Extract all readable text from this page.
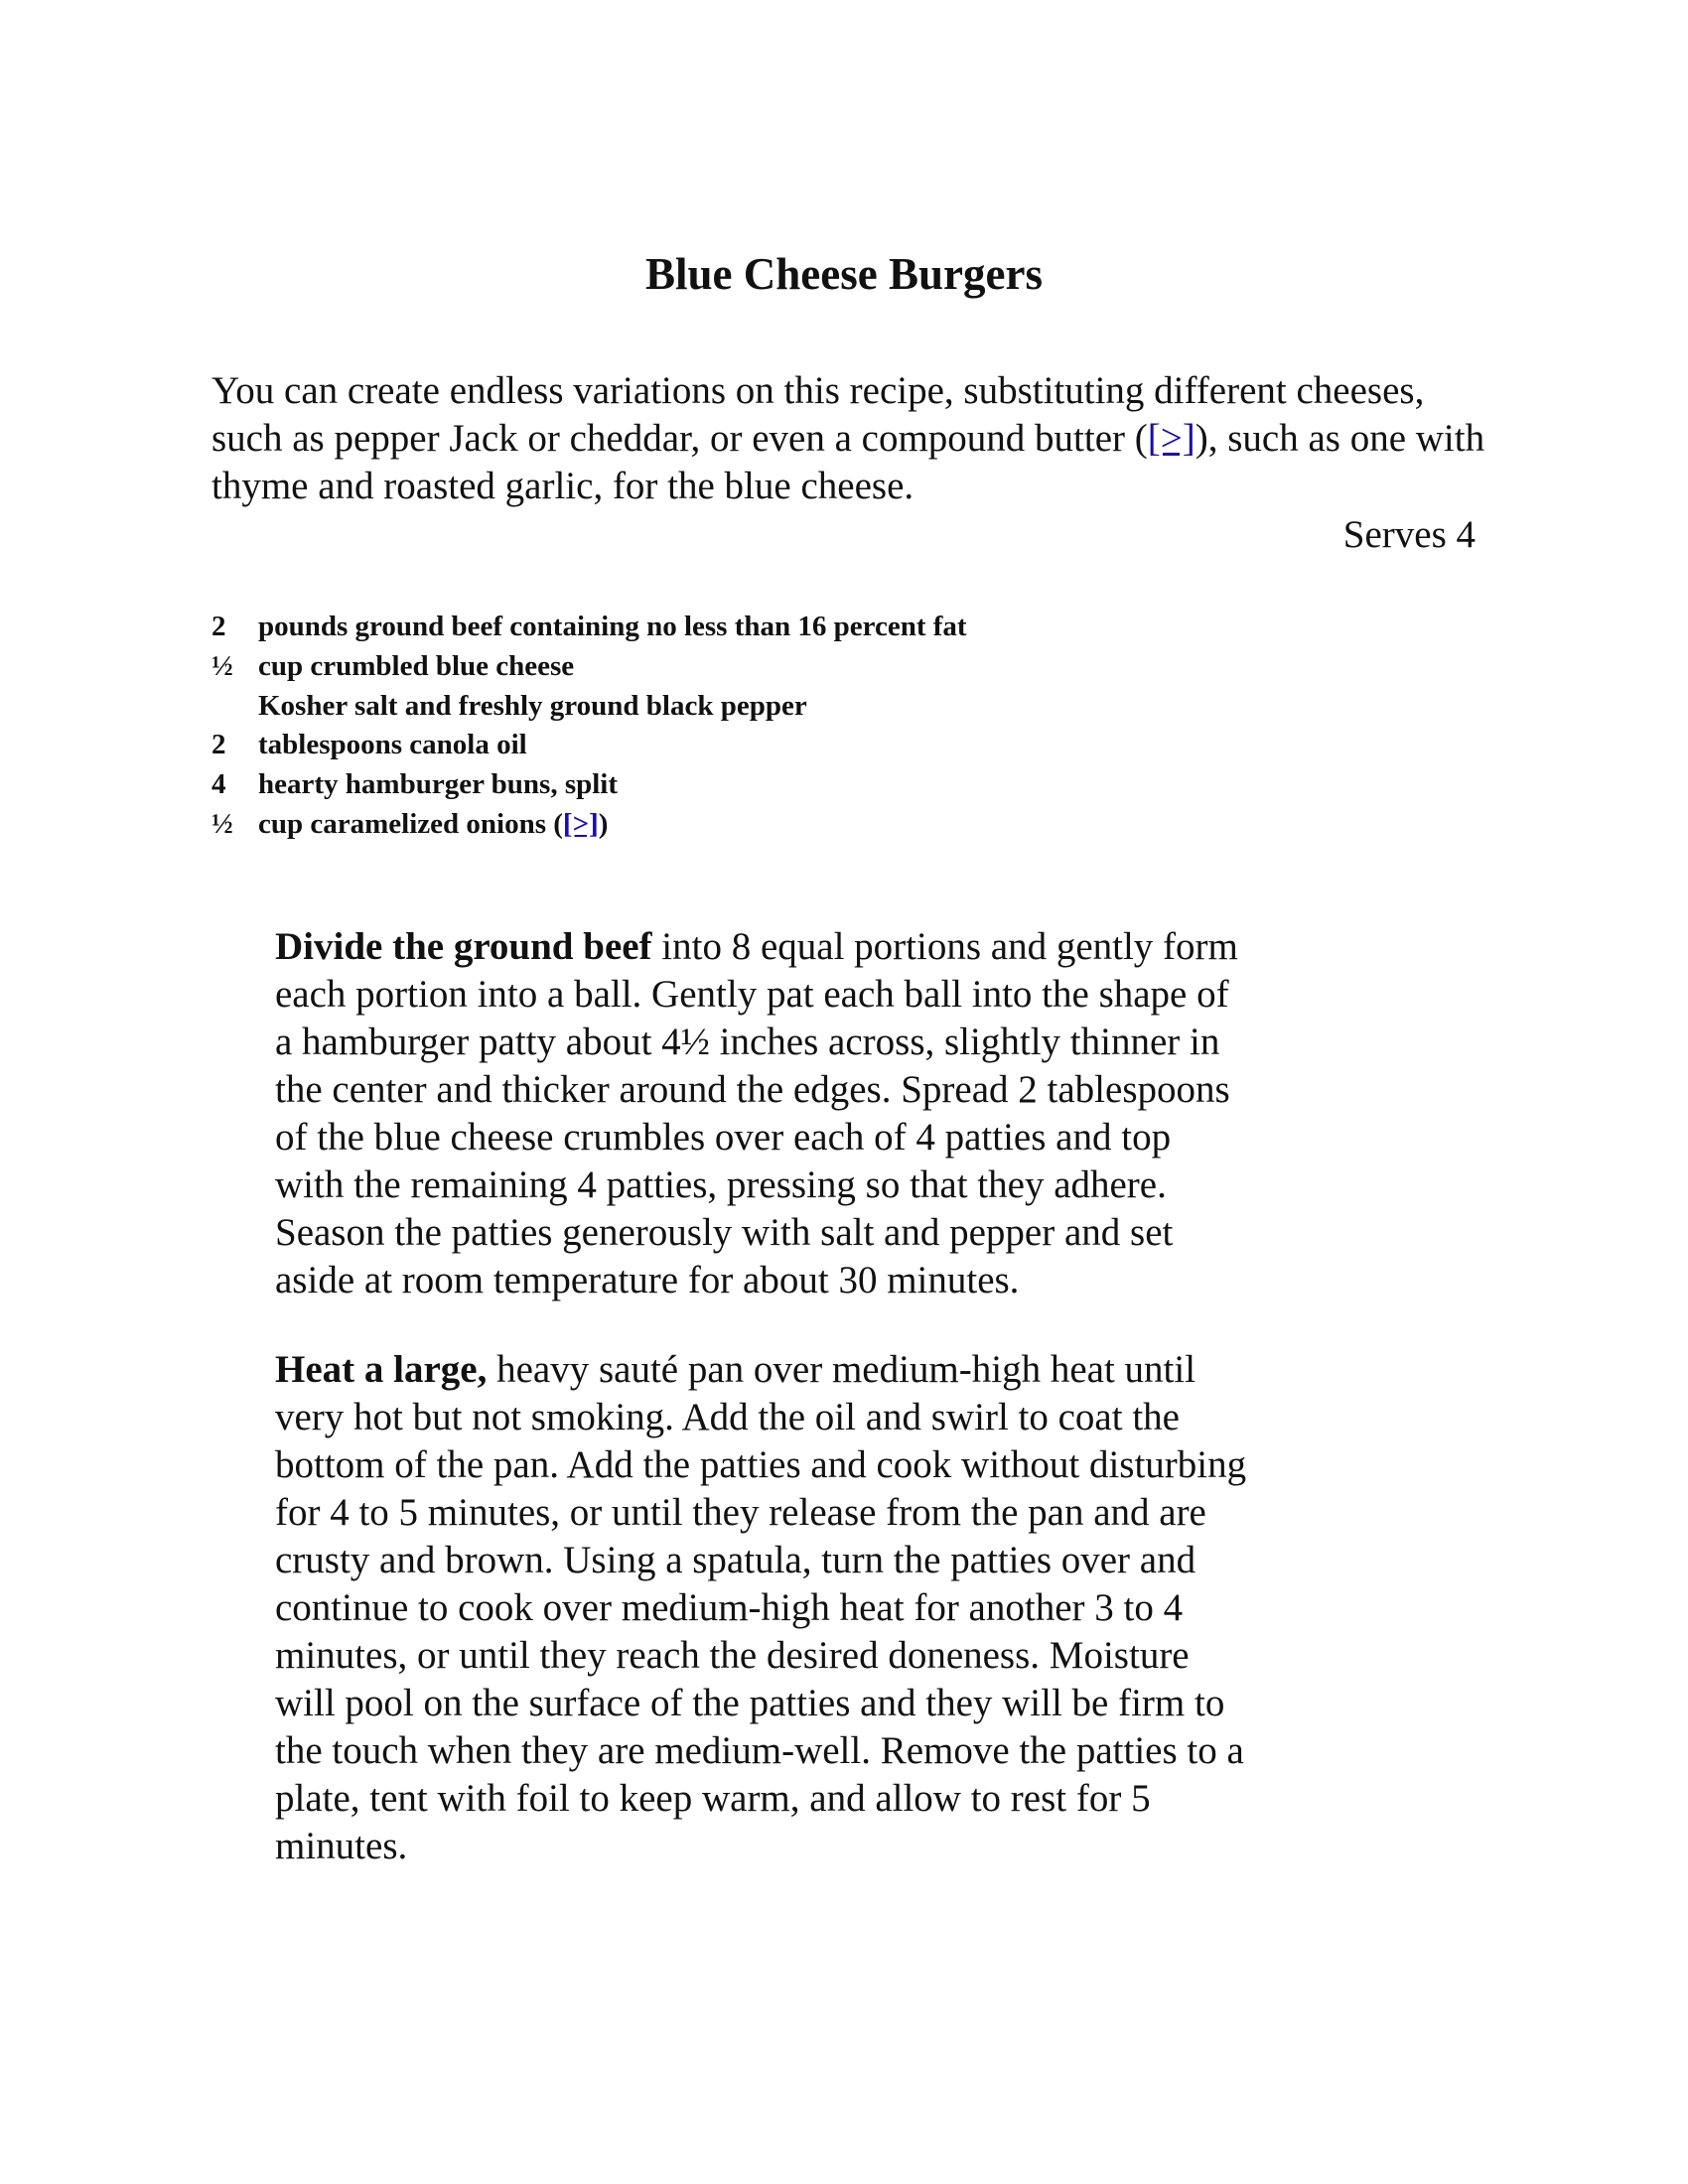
Blue Cheese Burgers

You can create endless variations on this recipe, substituting different cheeses, such as pepper Jack or cheddar, or even a compound butter ([>]), such as one with thyme and roasted garlic, for the blue cheese.

Serves 4

2	pounds ground beef containing no less than 16 percent fat
½ cup crumbled blue cheese
Kosher salt and freshly ground black pepper
2	tablespoons canola oil
4	hearty hamburger buns, split
½ cup caramelized onions ([>])

Divide the ground beef into 8 equal portions and gently form each portion into a ball. Gently pat each ball into the shape of a hamburger patty about 4½ inches across, slightly thinner in the center and thicker around the edges. Spread 2 tablespoons of the blue cheese crumbles over each of 4 patties and top with the remaining 4 patties, pressing so that they adhere. Season the patties generously with salt and pepper and set aside at room temperature for about 30 minutes.

Heat a large, heavy sauté pan over medium-high heat until very hot but not smoking. Add the oil and swirl to coat the bottom of the pan. Add the patties and cook without disturbing for 4 to 5 minutes, or until they release from the pan and are crusty and brown. Using a spatula, turn the patties over and continue to cook over medium-high heat for another 3 to 4 minutes, or until they reach the desired doneness. Moisture will pool on the surface of the patties and they will be firm to the touch when they are medium-well. Remove the patties to a plate, tent with foil to keep warm, and allow to rest for 5 minutes.
